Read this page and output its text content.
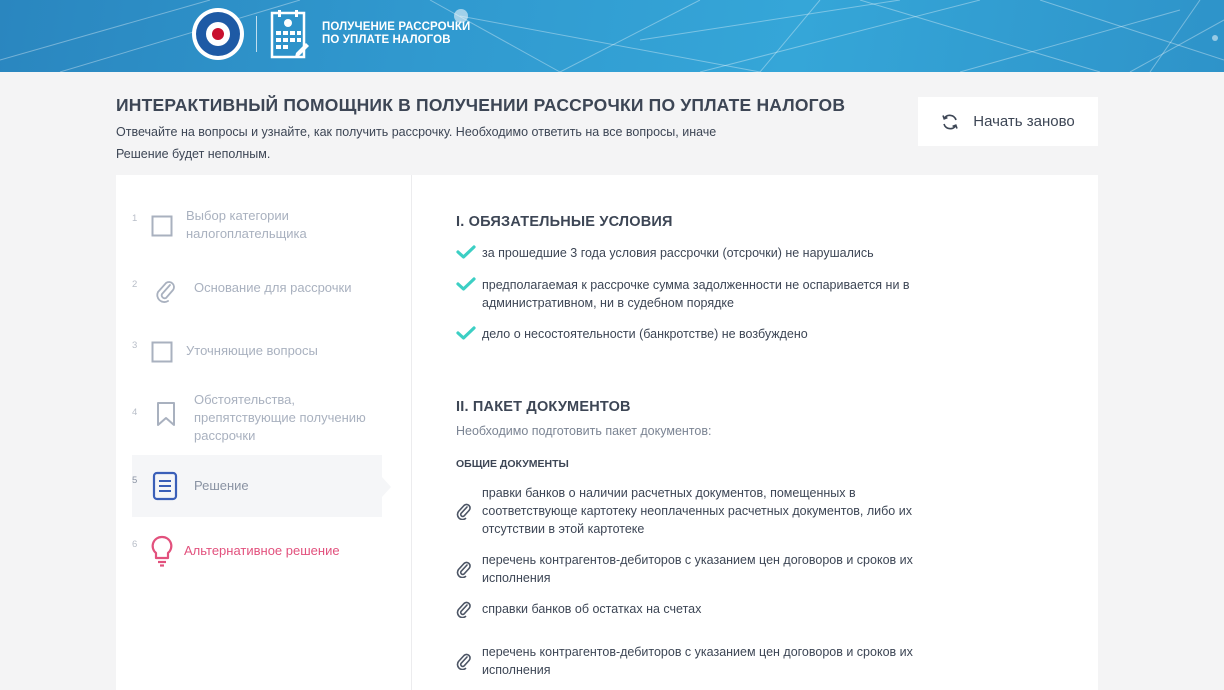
ПОЛУЧЕНИЕ РАССРОЧКИ
ПО УПЛАТЕ НАЛОГОВ
ИНТЕРАКТИВНЫЙ ПОМОЩНИК В ПОЛУЧЕНИИ РАССРОЧКИ ПО УПЛАТЕ НАЛОГОВ

Отвечайте на вопросы и узнайте, как получить рассрочку. Необходимо ответить на все вопросы, иначе Решение будет неполным.

Начать заново
1	Выбор категории налогоплательщика
2	Основание для рассрочки
3	Уточняющие вопросы
4
Обстоятельства, препятствующие получению рассрочки
5	Решение
6	Альтернативное решение
I. ОБЯЗАТЕЛЬНЫЕ УСЛОВИЯ
за прошедшие 3 года условия рассрочки (отсрочки) не нарушались
предполагаемая к рассрочке сумма задолженности не оспаривается ни в административном, ни в судебном порядке
дело о несостоятельности (банкротстве) не возбуждено
II. ПАКЕТ ДОКУМЕНТОВ

Необходимо подготовить пакет документов:

ОБЩИЕ ДОКУМЕНТЫ

правки банков о наличии расчетных документов, помещенных в соответствующе картотеку неоплаченных расчетных документов, либо их отсутствии в этой картотеке
перечень контрагентов-дебиторов с указанием цен договоров и сроков их исполнения
справки банков об остатках на счетах
перечень контрагентов-дебиторов с указанием цен договоров и сроков их исполнения
